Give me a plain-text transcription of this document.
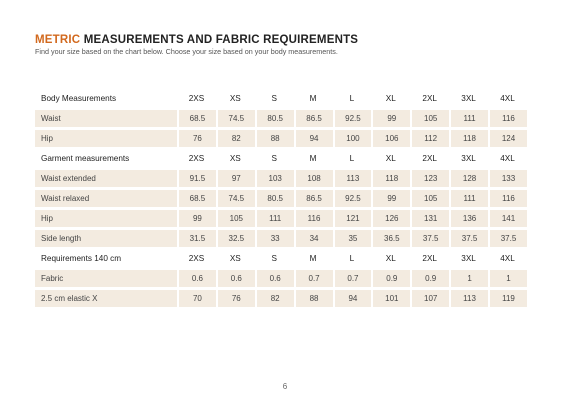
METRIC MEASUREMENTS AND FABRIC REQUIREMENTS

Find your size based on the chart below. Choose your size based on your body measurements.

Body Measurements	2XS	XS	S	M	L	XL	2XL	3XL	4XL
Waist	68.5	74.5	80.5	86.5	92.5	99	105	111	116
Hip	76	82	88	94	100	106	112	118	124
Garment measurements	2XS	XS	S	M	L	XL	2XL	3XL	4XL
Waist extended	91.5	97	103	108	113	118	123	128	133
Waist relaxed	68.5	74.5	80.5	86.5	92.5	99	105	111	116
Hip	99	105	111	116	121	126	131	136	141
Side length	31.5	32.5	33	34	35	36.5	37.5	37.5	37.5
Requirements 140 cm	2XS	XS	S	M	L	XL	2XL	3XL	4XL
Fabric	0.6	0.6	0.6	0.7	0.7	0.9	0.9	1	1
2.5 cm elastic X	70	76	82	88	94	101	107	113	119
6
